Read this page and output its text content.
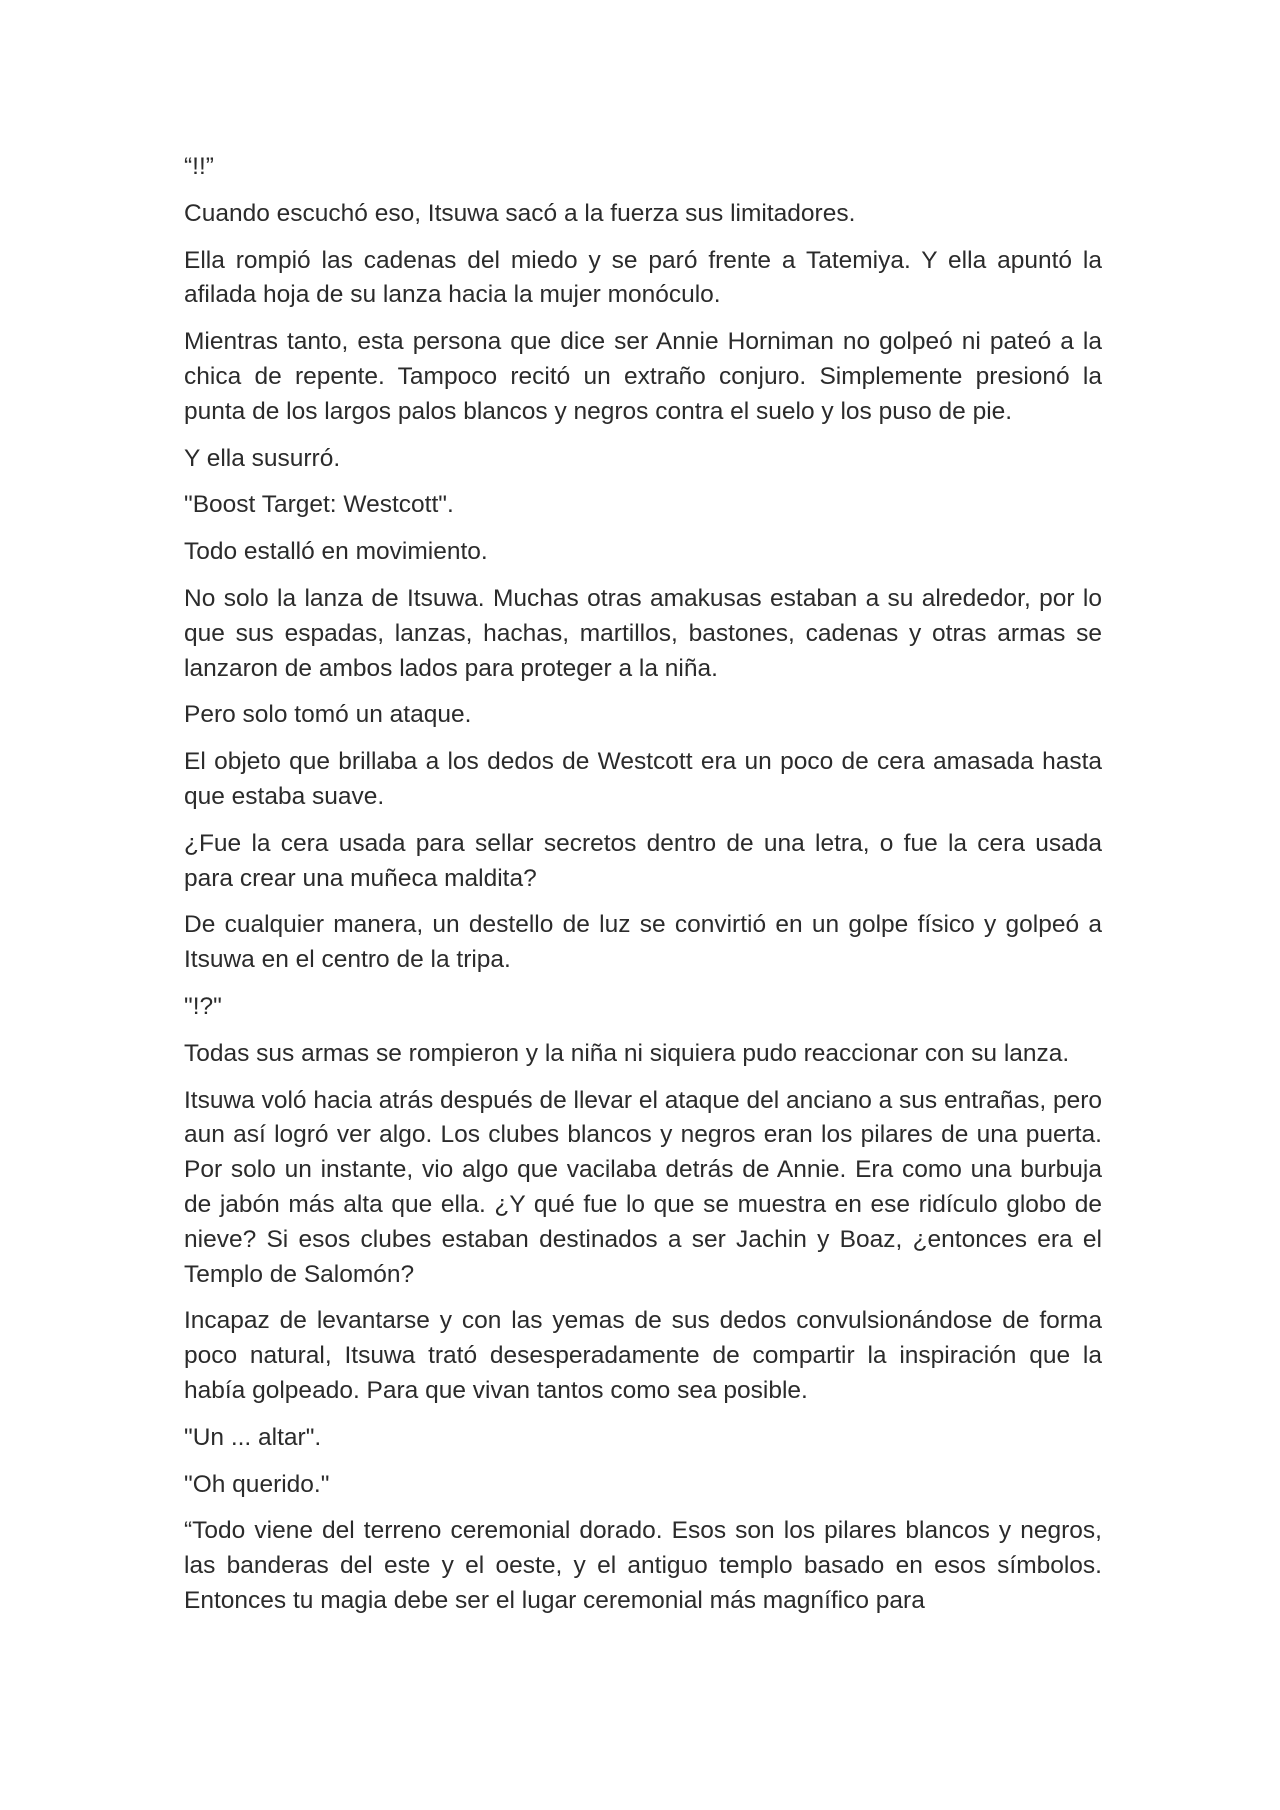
“!!”

Cuando escuchó eso, Itsuwa sacó a la fuerza sus limitadores.

Ella rompió las cadenas del miedo y se paró frente a Tatemiya. Y ella apuntó la afilada hoja de su lanza hacia la mujer monóculo.

Mientras tanto, esta persona que dice ser Annie Horniman no golpeó ni pateó a la chica de repente. Tampoco recitó un extraño conjuro. Simplemente presionó la punta de los largos palos blancos y negros contra el suelo y los puso de pie.

Y ella susurró.

"Boost Target: Westcott".

Todo estalló en movimiento.

No solo la lanza de Itsuwa. Muchas otras amakusas estaban a su alrededor, por lo que sus espadas, lanzas, hachas, martillos, bastones, cadenas y otras armas se lanzaron de ambos lados para proteger a la niña.

Pero solo tomó un ataque.

El objeto que brillaba a los dedos de Westcott era un poco de cera amasada hasta que estaba suave.

¿Fue la cera usada para sellar secretos dentro de una letra, o fue la cera usada para crear una muñeca maldita?

De cualquier manera, un destello de luz se convirtió en un golpe físico y golpeó a Itsuwa en el centro de la tripa.

"!?"

Todas sus armas se rompieron y la niña ni siquiera pudo reaccionar con su lanza.

Itsuwa voló hacia atrás después de llevar el ataque del anciano a sus entrañas, pero aun así logró ver algo. Los clubes blancos y negros eran los pilares de una puerta. Por solo un instante, vio algo que vacilaba detrás de Annie. Era como una burbuja de jabón más alta que ella. ¿Y qué fue lo que se muestra en ese ridículo globo de nieve? Si esos clubes estaban destinados a ser Jachin y Boaz, ¿entonces era el Templo de Salomón?

Incapaz de levantarse y con las yemas de sus dedos convulsionándose de forma poco natural, Itsuwa trató desesperadamente de compartir la inspiración que la había golpeado. Para que vivan tantos como sea posible.

"Un ... altar".

"Oh querido."

“Todo viene del terreno ceremonial dorado. Esos son los pilares blancos y negros, las banderas del este y el oeste, y el antiguo templo basado en esos símbolos. Entonces tu magia debe ser el lugar ceremonial más magnífico para
